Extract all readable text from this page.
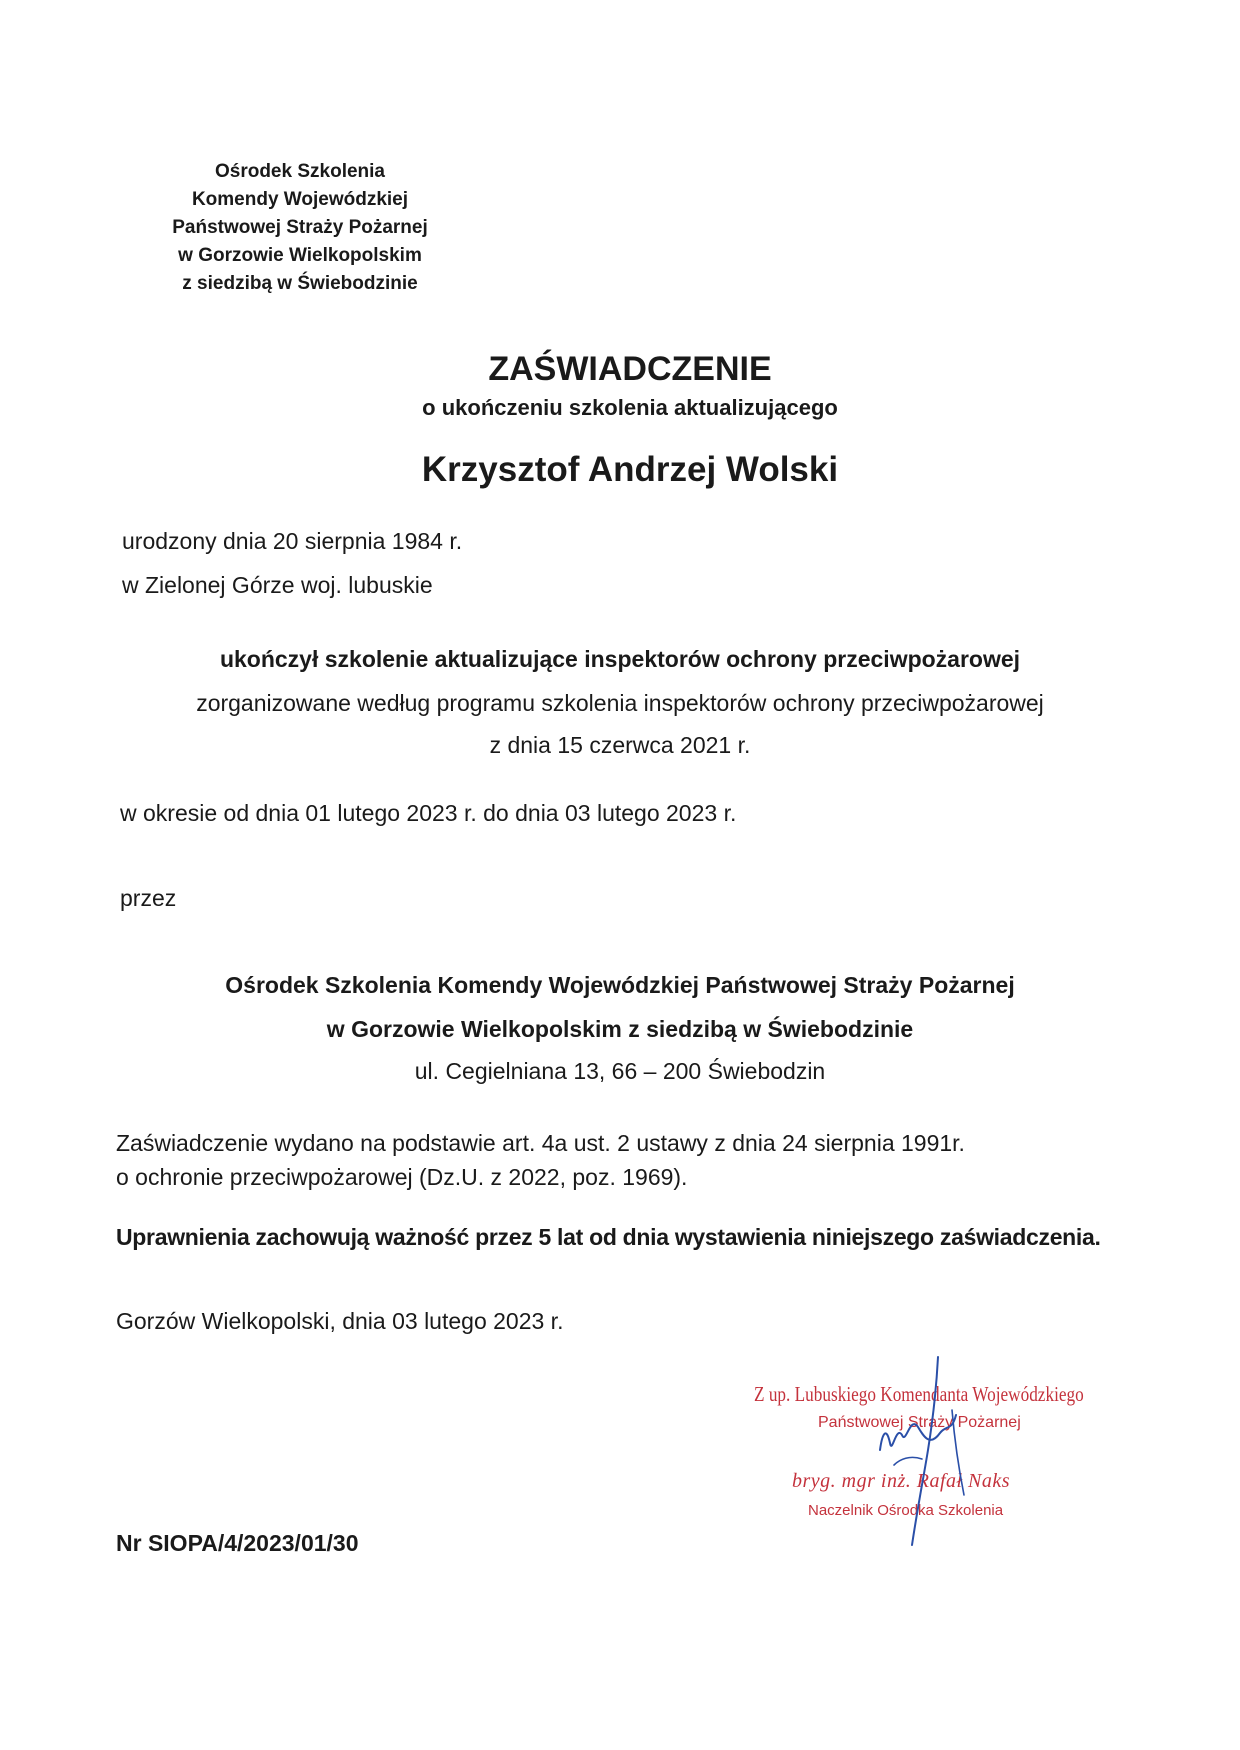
Ośrodek Szkolenia
Komendy Wojewódzkiej
Państwowej Straży Pożarnej
w Gorzowie Wielkopolskim
z siedzibą w Świebodzinie
ZAŚWIADCZENIE
o ukończeniu szkolenia aktualizującego
Krzysztof Andrzej Wolski
urodzony dnia 20 sierpnia 1984 r.
w Zielonej Górze woj. lubuskie
ukończył szkolenie aktualizujące inspektorów ochrony przeciwpożarowej
zorganizowane według programu szkolenia inspektorów ochrony przeciwpożarowej
z dnia 15 czerwca 2021 r.
w okresie od dnia 01 lutego 2023 r. do dnia 03 lutego 2023 r.
przez
Ośrodek Szkolenia Komendy Wojewódzkiej Państwowej Straży Pożarnej
w Gorzowie Wielkopolskim z siedzibą w Świebodzinie
ul. Cegielniana 13, 66 – 200 Świebodzin
Zaświadczenie wydano na podstawie art. 4a ust. 2 ustawy z dnia 24 sierpnia 1991r.
o ochronie przeciwpożarowej (Dz.U. z 2022, poz. 1969).
Uprawnienia zachowują ważność przez 5 lat od dnia wystawienia niniejszego zaświadczenia.
Gorzów Wielkopolski, dnia 03 lutego 2023 r.
Z up. Lubuskiego Komendanta Wojewódzkiego
Państwowej Straży Pożarnej
bryg. mgr inż. Rafał Naks
Naczelnik Ośrodka Szkolenia
Nr SIOPA/4/2023/01/30
